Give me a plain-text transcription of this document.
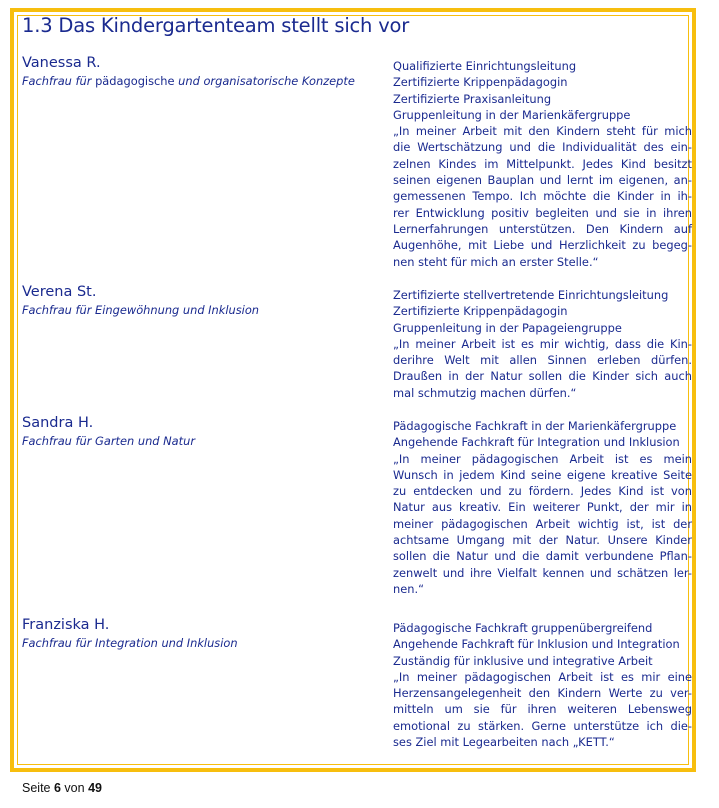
1.3 Das Kindergartenteam stellt sich vor
Vanessa R.
Fachfrau für pädagogische und organisatorische Konzepte
Qualifizierte Einrichtungsleitung
Zertifizierte Krippenpädagogin
Zertifizierte Praxisanleitung
Gruppenleitung in der Marienkäfergruppe
„In meiner Arbeit mit den Kindern steht für mich
die Wertschätzung und die Individualität des ein-
zelnen Kindes im Mittelpunkt. Jedes Kind besitzt
seinen eigenen Bauplan und lernt im eigenen, an-
gemessenen Tempo. Ich möchte die Kinder in ih-
rer Entwicklung positiv begleiten und sie in ihren
Lernerfahrungen unterstützen. Den Kindern auf
Augenhöhe, mit Liebe und Herzlichkeit zu begeg-
nen steht für mich an erster Stelle.“
Verena St.
Fachfrau für Eingewöhnung und Inklusion
Zertifizierte stellvertretende Einrichtungsleitung
Zertifizierte Krippenpädagogin
Gruppenleitung in der Papageiengruppe
„In meiner Arbeit ist es mir wichtig, dass die Kin-
derihre Welt mit allen Sinnen erleben dürfen.
Draußen in der Natur sollen die Kinder sich auch
mal schmutzig machen dürfen.“
Sandra H.
Fachfrau für Garten und Natur
Pädagogische Fachkraft in der Marienkäfergruppe
Angehende Fachkraft für Integration und Inklusion
„In meiner pädagogischen Arbeit ist es mein
Wunsch in jedem Kind seine eigene kreative Seite
zu entdecken und zu fördern. Jedes Kind ist von
Natur aus kreativ. Ein weiterer Punkt, der mir in
meiner pädagogischen Arbeit wichtig ist, ist der
achtsame Umgang mit der Natur. Unsere Kinder
sollen die Natur und die damit verbundene Pflan-
zenwelt und ihre Vielfalt kennen und schätzen ler-
nen.“
Franziska H.
Fachfrau für Integration und Inklusion
Pädagogische Fachkraft gruppenübergreifend
Angehende Fachkraft für Inklusion und Integration
Zuständig für inklusive und integrative Arbeit
„In meiner pädagogischen Arbeit ist es mir eine
Herzensangelegenheit den Kindern Werte zu ver-
mitteln um sie für ihren weiteren Lebensweg
emotional zu stärken. Gerne unterstütze ich die-
ses Ziel mit Legearbeiten nach „KETT.“
Seite 6 von 49
